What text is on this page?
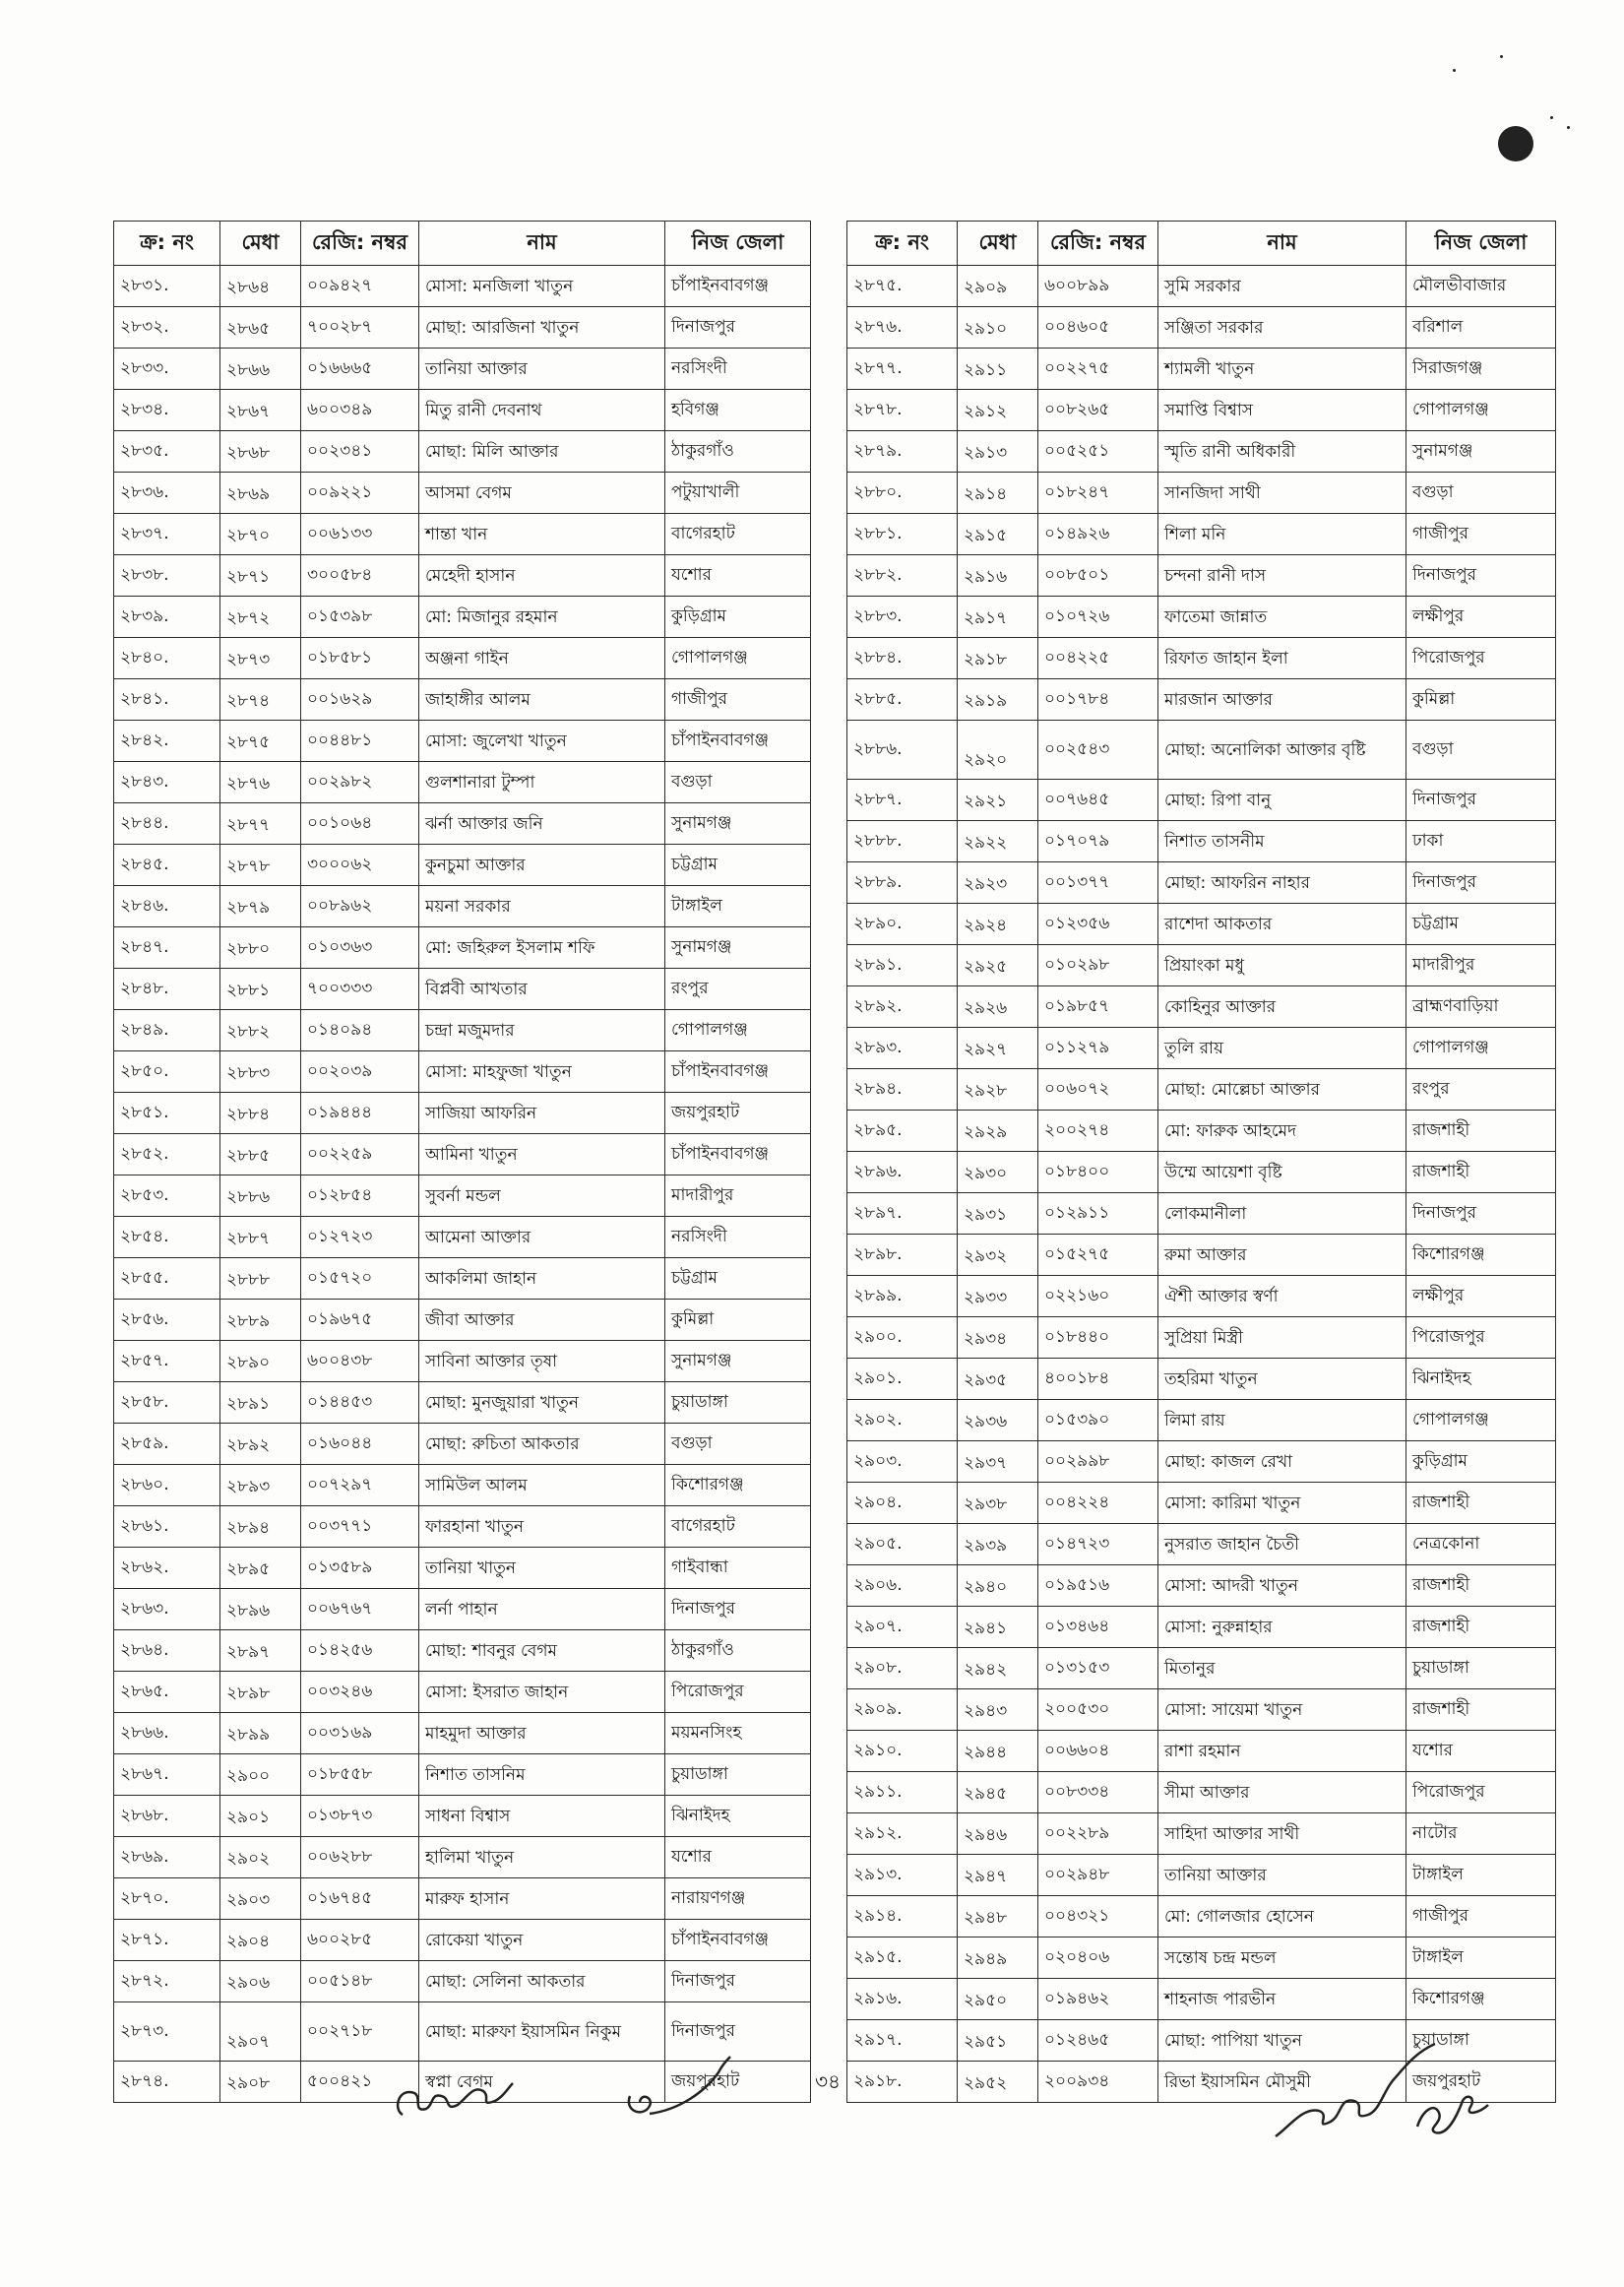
ক্র: নং	মেধা	রেজি: নম্বর	নাম	নিজ জেলা
২৮৩১.	২৮৬৪	০০৯৪২৭	মোসা: মনজিলা খাতুন	চাঁপাইনবাবগঞ্জ
২৮৩২.	২৮৬৫	৭০০২৮৭	মোছা: আরজিনা খাতুন	দিনাজপুর
২৮৩৩.	২৮৬৬	০১৬৬৬৫	তানিয়া আক্তার	নরসিংদী
২৮৩৪.	২৮৬৭	৬০০৩৪৯	মিতু রানী দেবনাথ	হবিগঞ্জ
২৮৩৫.	২৮৬৮	০০২৩৪১	মোছা: মিলি আক্তার	ঠাকুরগাঁও
২৮৩৬.	২৮৬৯	০০৯২২১	আসমা বেগম	পটুয়াখালী
২৮৩৭.	২৮৭০	০০৬১৩৩	শান্তা খান	বাগেরহাট
২৮৩৮.	২৮৭১	৩০০৫৮৪	মেহেদী হাসান	যশোর
২৮৩৯.	২৮৭২	০১৫৩৯৮	মো: মিজানুর রহমান	কুড়িগ্রাম
২৮৪০.	২৮৭৩	০১৮৫৮১	অঞ্জনা গাইন	গোপালগঞ্জ
২৮৪১.	২৮৭৪	০০১৬২৯	জাহাঙ্গীর আলম	গাজীপুর
২৮৪২.	২৮৭৫	০০৪৪৮১	মোসা: জুলেখা খাতুন	চাঁপাইনবাবগঞ্জ
২৮৪৩.	২৮৭৬	০০২৯৮২	গুলশানারা টুম্পা	বগুড়া
২৮৪৪.	২৮৭৭	০০১০৬৪	ঝর্না আক্তার জনি	সুনামগঞ্জ
২৮৪৫.	২৮৭৮	৩০০০৬২	কুনচুমা আক্তার	চট্টগ্রাম
২৮৪৬.	২৮৭৯	০০৮৯৬২	ময়না সরকার	টাঙ্গাইল
২৮৪৭.	২৮৮০	০১০৩৬৩	মো: জহিরুল ইসলাম শফি	সুনামগঞ্জ
২৮৪৮.	২৮৮১	৭০০৩৩৩	বিপ্লবী আখতার	রংপুর
২৮৪৯.	২৮৮২	০১৪০৯৪	চন্দ্রা মজুমদার	গোপালগঞ্জ
২৮৫০.	২৮৮৩	০০২০৩৯	মোসা: মাহফুজা খাতুন	চাঁপাইনবাবগঞ্জ
২৮৫১.	২৮৮৪	০১৯৪৪৪	সাজিয়া আফরিন	জয়পুরহাট
২৮৫২.	২৮৮৫	০০২২৫৯	আমিনা খাতুন	চাঁপাইনবাবগঞ্জ
২৮৫৩.	২৮৮৬	০১২৮৫৪	সুবর্না মন্ডল	মাদারীপুর
২৮৫৪.	২৮৮৭	০১২৭২৩	আমেনা আক্তার	নরসিংদী
২৮৫৫.	২৮৮৮	০১৫৭২০	আকলিমা জাহান	চট্টগ্রাম
২৮৫৬.	২৮৮৯	০১৯৬৭৫	জীবা আক্তার	কুমিল্লা
২৮৫৭.	২৮৯০	৬০০৪৩৮	সাবিনা আক্তার তৃষা	সুনামগঞ্জ
২৮৫৮.	২৮৯১	০১৪৪৫৩	মোছা: মুনজুয়ারা খাতুন	চুয়াডাঙ্গা
২৮৫৯.	২৮৯২	০১৬০৪৪	মোছা: রুচিতা আকতার	বগুড়া
২৮৬০.	২৮৯৩	০০৭২৯৭	সামিউল আলম	কিশোরগঞ্জ
২৮৬১.	২৮৯৪	০০৩৭৭১	ফারহানা খাতুন	বাগেরহাট
২৮৬২.	২৮৯৫	০১৩৫৮৯	তানিয়া খাতুন	গাইবান্ধা
২৮৬৩.	২৮৯৬	০০৬৭৬৭	লর্না পাহান	দিনাজপুর
২৮৬৪.	২৮৯৭	০১৪২৫৬	মোছা: শাবনুর বেগম	ঠাকুরগাঁও
২৮৬৫.	২৮৯৮	০০৩২৪৬	মোসা: ইসরাত জাহান	পিরোজপুর
২৮৬৬.	২৮৯৯	০০৩১৬৯	মাহমুদা আক্তার	ময়মনসিংহ
২৮৬৭.	২৯০০	০১৮৫৫৮	নিশাত তাসনিম	চুয়াডাঙ্গা
২৮৬৮.	২৯০১	০১৩৮৭৩	সাধনা বিশ্বাস	ঝিনাইদহ
২৮৬৯.	২৯০২	০০৬২৮৮	হালিমা খাতুন	যশোর
২৮৭০.	২৯০৩	০১৬৭৪৫	মারুফ হাসান	নারায়ণগঞ্জ
২৮৭১.	২৯০৪	৬০০২৮৫	রোকেয়া খাতুন	চাঁপাইনবাবগঞ্জ
২৮৭২.	২৯০৬	০০৫১৪৮	মোছা: সেলিনা আকতার	দিনাজপুর
২৮৭৩.	২৯০৭	০০২৭১৮	মোছা: মারুফা ইয়াসমিন নিকুম	দিনাজপুর
২৮৭৪.	২৯০৮	৫০০৪২১	স্বপ্না বেগম	জয়পুরহাট
ক্র: নং	মেধা	রেজি: নম্বর	নাম	নিজ জেলা
২৮৭৫.	২৯০৯	৬০০৮৯৯	সুমি সরকার	মৌলভীবাজার
২৮৭৬.	২৯১০	০০৪৬০৫	সঞ্জিতা সরকার	বরিশাল
২৮৭৭.	২৯১১	০০২২৭৫	শ্যামলী খাতুন	সিরাজগঞ্জ
২৮৭৮.	২৯১২	০০৮২৬৫	সমাপ্তি বিশ্বাস	গোপালগঞ্জ
২৮৭৯.	২৯১৩	০০৫২৫১	স্মৃতি রানী অধিকারী	সুনামগঞ্জ
২৮৮০.	২৯১৪	০১৮২৪৭	সানজিদা সাথী	বগুড়া
২৮৮১.	২৯১৫	০১৪৯২৬	শিলা মনি	গাজীপুর
২৮৮২.	২৯১৬	০০৮৫০১	চন্দনা রানী দাস	দিনাজপুর
২৮৮৩.	২৯১৭	০১০৭২৬	ফাতেমা জান্নাত	লক্ষীপুর
২৮৮৪.	২৯১৮	০০৪২২৫	রিফাত জাহান ইলা	পিরোজপুর
২৮৮৫.	২৯১৯	০০১৭৮৪	মারজান আক্তার	কুমিল্লা
২৮৮৬.	২৯২০	০০২৫৪৩	মোছা: অনোলিকা আক্তার বৃষ্টি	বগুড়া
২৮৮৭.	২৯২১	০০৭৬৪৫	মোছা: রিপা বানু	দিনাজপুর
২৮৮৮.	২৯২২	০১৭০৭৯	নিশাত তাসনীম	ঢাকা
২৮৮৯.	২৯২৩	০০১৩৭৭	মোছা: আফরিন নাহার	দিনাজপুর
২৮৯০.	২৯২৪	০১২৩৫৬	রাশেদা আকতার	চট্টগ্রাম
২৮৯১.	২৯২৫	০১০২৯৮	প্রিয়াংকা মধু	মাদারীপুর
২৮৯২.	২৯২৬	০১৯৮৫৭	কোহিনুর আক্তার	ব্রাহ্মণবাড়িয়া
২৮৯৩.	২৯২৭	০১১২৭৯	তুলি রায়	গোপালগঞ্জ
২৮৯৪.	২৯২৮	০০৬০৭২	মোছা: মোল্লেচা আক্তার	রংপুর
২৮৯৫.	২৯২৯	২০০২৭৪	মো: ফারুক আহমেদ	রাজশাহী
২৮৯৬.	২৯৩০	০১৮৪০০	উম্মে আয়েশা বৃষ্টি	রাজশাহী
২৮৯৭.	২৯৩১	০১২৯১১	লোকমানীলা	দিনাজপুর
২৮৯৮.	২৯৩২	০১৫২৭৫	রুমা আক্তার	কিশোরগঞ্জ
২৮৯৯.	২৯৩৩	০২২১৬০	ঐশী আক্তার স্বর্ণা	লক্ষীপুর
২৯০০.	২৯৩৪	০১৮৪৪০	সুপ্রিয়া মিস্ত্রী	পিরোজপুর
২৯০১.	২৯৩৫	৪০০১৮৪	তহরিমা খাতুন	ঝিনাইদহ
২৯০২.	২৯৩৬	০১৫৩৯০	লিমা রায়	গোপালগঞ্জ
২৯০৩.	২৯৩৭	০০২৯৯৮	মোছা: কাজল রেখা	কুড়িগ্রাম
২৯০৪.	২৯৩৮	০০৪২২৪	মোসা: কারিমা খাতুন	রাজশাহী
২৯০৫.	২৯৩৯	০১৪৭২৩	নুসরাত জাহান চৈতী	নেত্রকোনা
২৯০৬.	২৯৪০	০১৯৫১৬	মোসা: আদরী খাতুন	রাজশাহী
২৯০৭.	২৯৪১	০১৩৪৬৪	মোসা: নুরুন্নাহার	রাজশাহী
২৯০৮.	২৯৪২	০১৩১৫৩	মিতানুর	চুয়াডাঙ্গা
২৯০৯.	২৯৪৩	২০০৫৩০	মোসা: সায়েমা খাতুন	রাজশাহী
২৯১০.	২৯৪৪	০০৬৬০৪	রাশা রহমান	যশোর
২৯১১.	২৯৪৫	০০৮৩৩৪	সীমা আক্তার	পিরোজপুর
২৯১২.	২৯৪৬	০০২২৮৯	সাহিদা আক্তার সাথী	নাটোর
২৯১৩.	২৯৪৭	০০২৯৪৮	তানিয়া আক্তার	টাঙ্গাইল
২৯১৪.	২৯৪৮	০০৪৩২১	মো: গোলজার হোসেন	গাজীপুর
২৯১৫.	২৯৪৯	০২০৪০৬	সন্তোষ চন্দ্র মন্ডল	টাঙ্গাইল
২৯১৬.	২৯৫০	০১৯৪৬২	শাহনাজ পারভীন	কিশোরগঞ্জ
২৯১৭.	২৯৫১	০১২৪৬৫	মোছা: পাপিয়া খাতুন	চুয়াডাঙ্গা
২৯১৮.	২৯৫২	২০০৯৩৪	রিভা ইয়াসমিন মৌসুমী	জয়পুরহাট
৩৪
